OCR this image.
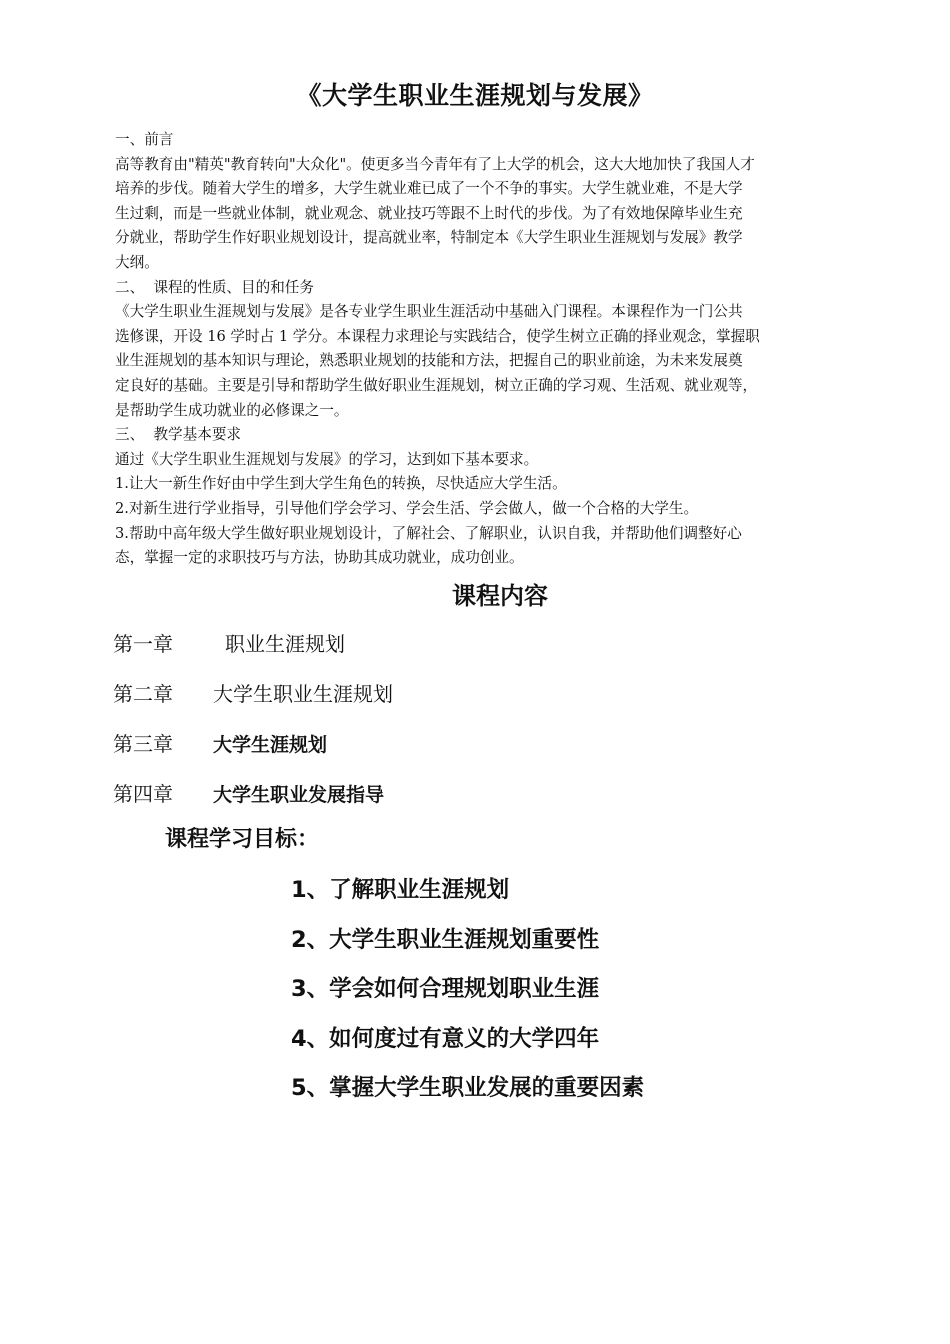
《大学生职业生涯规划与发展》

一、前言

高等教育由"精英"教育转向"大众化"。使更多当今青年有了上大学的机会，这大大地加快了我国人才

培养的步伐。随着大学生的增多，大学生就业难已成了一个不争的事实。大学生就业难，不是大学

生过剩，而是一些就业体制，就业观念、就业技巧等跟不上时代的步伐。为了有效地保障毕业生充

分就业，帮助学生作好职业规划设计，提高就业率，特制定本《大学生职业生涯规划与发展》教学

大纲。

二、  课程的性质、目的和任务

《大学生职业生涯规划与发展》是各专业学生职业生涯活动中基础入门课程。本课程作为一门公共

选修课，开设 16 学时占 1 学分。本课程力求理论与实践结合，使学生树立正确的择业观念，掌握职

业生涯规划的基本知识与理论，熟悉职业规划的技能和方法，把握自己的职业前途，为未来发展奠

定良好的基础。主要是引导和帮助学生做好职业生涯规划，树立正确的学习观、生活观、就业观等，

是帮助学生成功就业的必修课之一。

三、  教学基本要求

通过《大学生职业生涯规划与发展》的学习，达到如下基本要求。

1.让大一新生作好由中学生到大学生角色的转换，尽快适应大学生活。

2.对新生进行学业指导，引导他们学会学习、学会生活、学会做人，做一个合格的大学生。

3.帮助中高年级大学生做好职业规划设计，了解社会、了解职业，认识自我，并帮助他们调整好心

态，掌握一定的求职技巧与方法，协助其成功就业，成功创业。

课程内容
第一章	职业生涯规划
第二章 大学生职业生涯规划
第三章 大学生涯规划
第四章 大学生职业发展指导
课程学习目标：
1、了解职业生涯规划
2、大学生职业生涯规划重要性
3、学会如何合理规划职业生涯
4、如何度过有意义的大学四年
5、掌握大学生职业发展的重要因素
